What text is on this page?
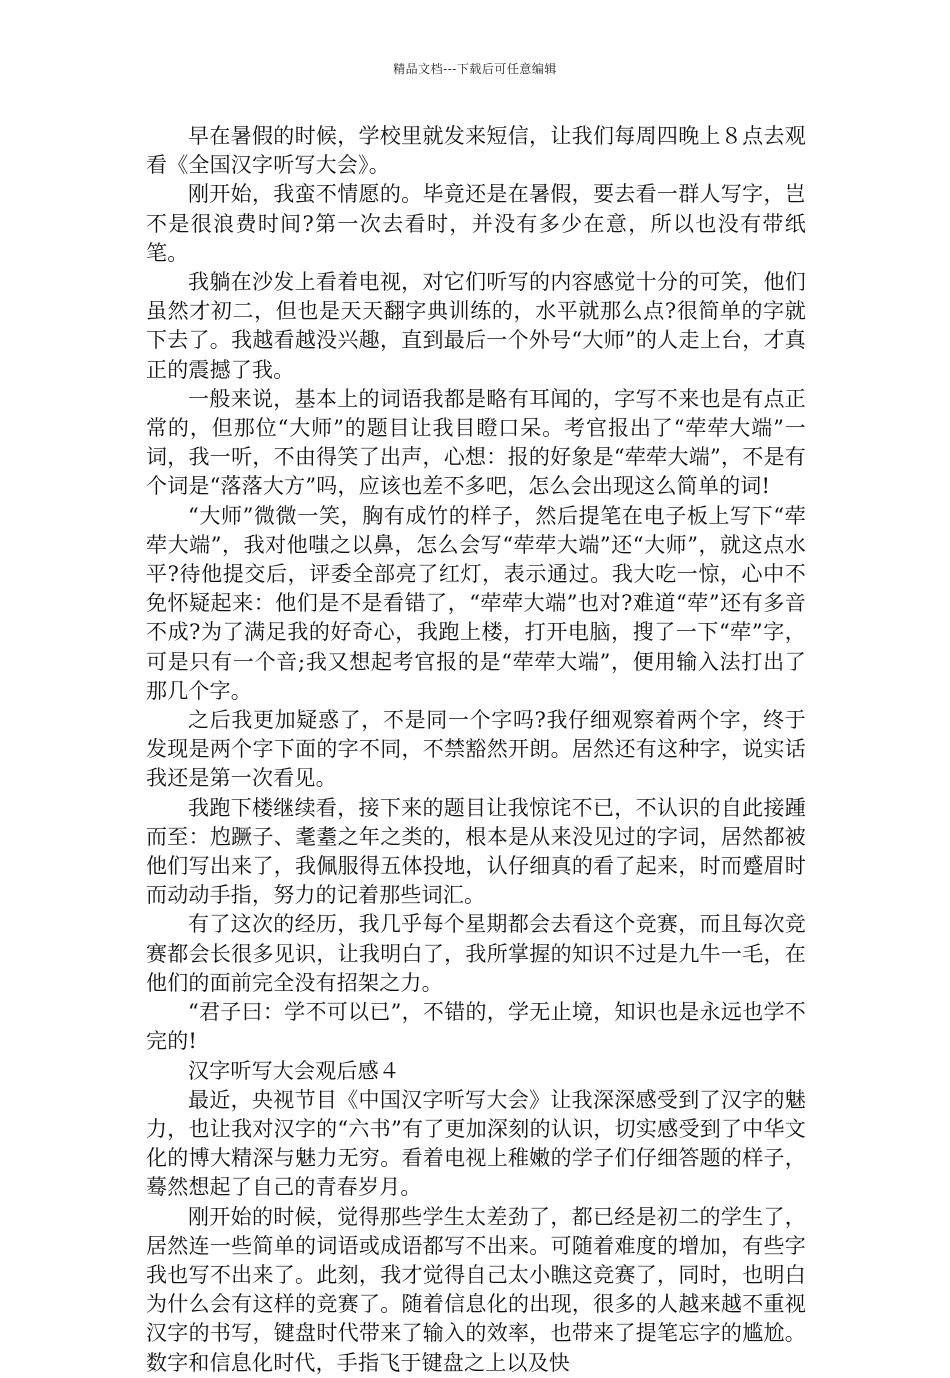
精品文档---下载后可任意编辑

早在暑假的时候，学校里就发来短信，让我们每周四晚上８点去观看《全国汉字听写大会》。

刚开始，我蛮不情愿的。毕竟还是在暑假，要去看一群人写字，岂不是很浪费时间?第一次去看时，并没有多少在意，所以也没有带纸笔。

我躺在沙发上看着电视，对它们听写的内容感觉十分的可笑，他们虽然才初二，但也是天天翻字典训练的，水平就那么点?很简单的字就下去了。我越看越没兴趣，直到最后一个外号“大师”的人走上台，才真正的震撼了我。

一般来说，基本上的词语我都是略有耳闻的，字写不来也是有点正常的，但那位“大师”的题目让我目瞪口呆。考官报出了“荦荦大端”一词，我一听，不由得笑了出声，心想：报的好象是“荦荦大端”，不是有个词是“落落大方”吗，应该也差不多吧，怎么会出现这么简单的词!

“大师”微微一笑，胸有成竹的样子，然后提笔在电子板上写下“荦荦大端”，我对他嗤之以鼻，怎么会写“荦荦大端”还“大师”，就这点水平?待他提交后，评委全部亮了红灯，表示通过。我大吃一惊，心中不免怀疑起来：他们是不是看错了，“荦荦大端”也对?难道“荦”还有多音不成?为了满足我的好奇心，我跑上楼，打开电脑，搜了一下“荦”字，可是只有一个音;我又想起考官报的是“荦荦大端”，便用输入法打出了那几个字。

之后我更加疑惑了，不是同一个字吗?我仔细观察着两个字，终于发现是两个字下面的字不同，不禁豁然开朗。居然还有这种字，说实话我还是第一次看见。

我跑下楼继续看，接下来的题目让我惊诧不已，不认识的自此接踵而至：尥蹶子、耄耋之年之类的，根本是从来没见过的字词，居然都被他们写出来了，我佩服得五体投地，认仔细真的看了起来，时而蹙眉时而动动手指，努力的记着那些词汇。

有了这次的经历，我几乎每个星期都会去看这个竞赛，而且每次竞赛都会长很多见识，让我明白了，我所掌握的知识不过是九牛一毛，在他们的面前完全没有招架之力。

“君子曰：学不可以已”，不错的，学无止境，知识也是永远也学不完的!

汉字听写大会观后感４

最近，央视节目《中国汉字听写大会》让我深深感受到了汉字的魅力，也让我对汉字的“六书”有了更加深刻的认识，切实感受到了中华文化的博大精深与魅力无穷。看着电视上稚嫩的学子们仔细答题的样子，蓦然想起了自己的青春岁月。

刚开始的时候，觉得那些学生太差劲了，都已经是初二的学生了，居然连一些简单的词语或成语都写不出来。可随着难度的增加，有些字我也写不出来了。此刻，我才觉得自己太小瞧这竞赛了，同时，也明白为什么会有这样的竞赛了。随着信息化的出现，很多的人越来越不重视汉字的书写，键盘时代带来了输入的效率，也带来了提笔忘字的尴尬。数字和信息化时代，手指飞于键盘之上以及快
